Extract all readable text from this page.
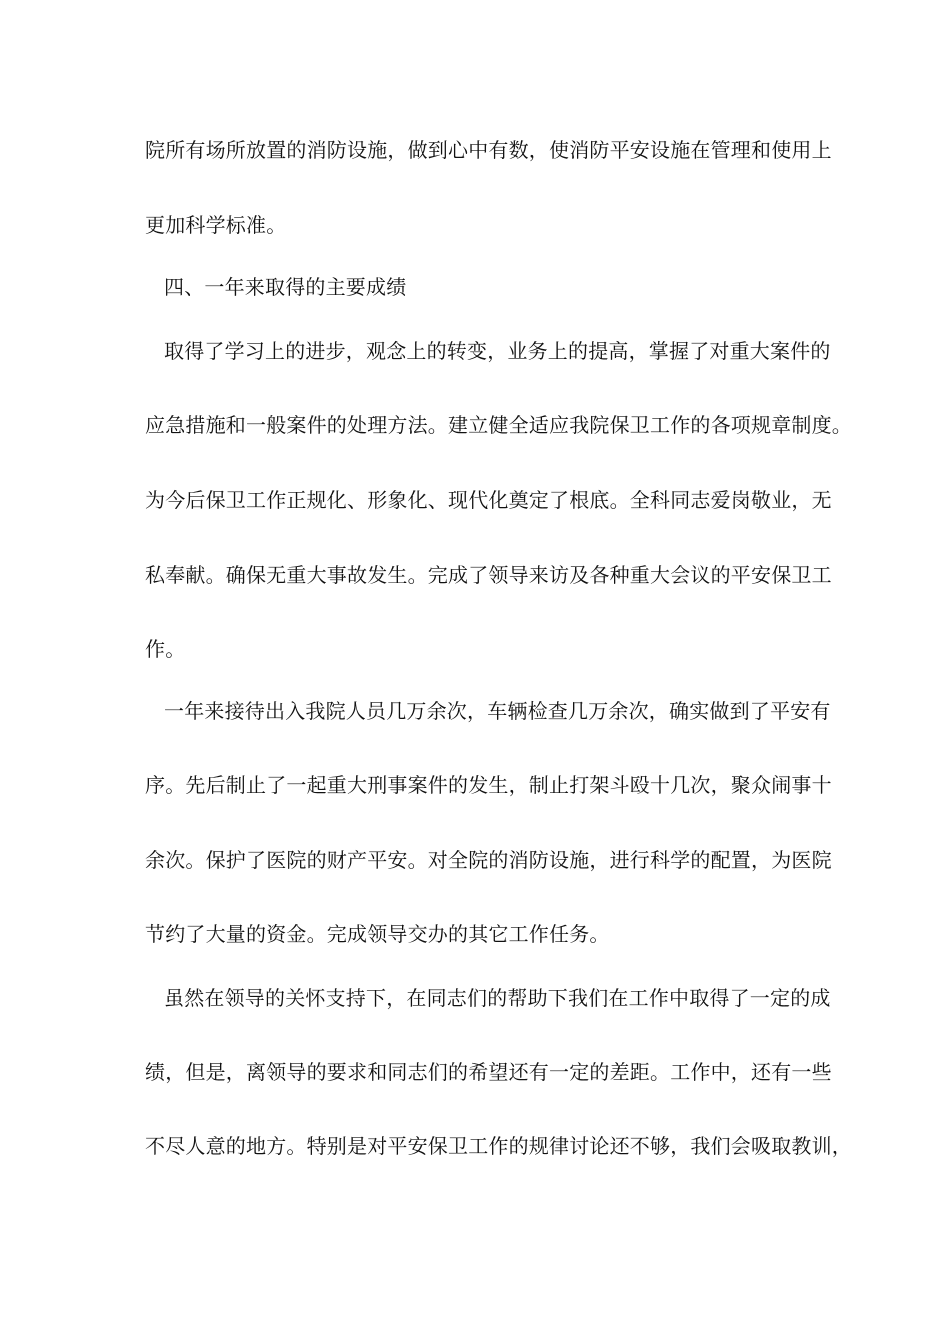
院所有场所放置的消防设施，做到心中有数，使消防平安设施在管理和使用上
更加科学标准。
四、一年来取得的主要成绩
取得了学习上的进步，观念上的转变，业务上的提高，掌握了对重大案件的
应急措施和一般案件的处理方法。建立健全适应我院保卫工作的各项规章制度。
为今后保卫工作正规化、形象化、现代化奠定了根底。全科同志爱岗敬业，无
私奉献。确保无重大事故发生。完成了领导来访及各种重大会议的平安保卫工
作。
一年来接待出入我院人员几万余次，车辆检查几万余次，确实做到了平安有
序。先后制止了一起重大刑事案件的发生，制止打架斗殴十几次，聚众闹事十
余次。保护了医院的财产平安。对全院的消防设施，进行科学的配置，为医院
节约了大量的资金。完成领导交办的其它工作任务。
虽然在领导的关怀支持下，在同志们的帮助下我们在工作中取得了一定的成
绩，但是，离领导的要求和同志们的希望还有一定的差距。工作中，还有一些
不尽人意的地方。特别是对平安保卫工作的规律讨论还不够，我们会吸取教训，
